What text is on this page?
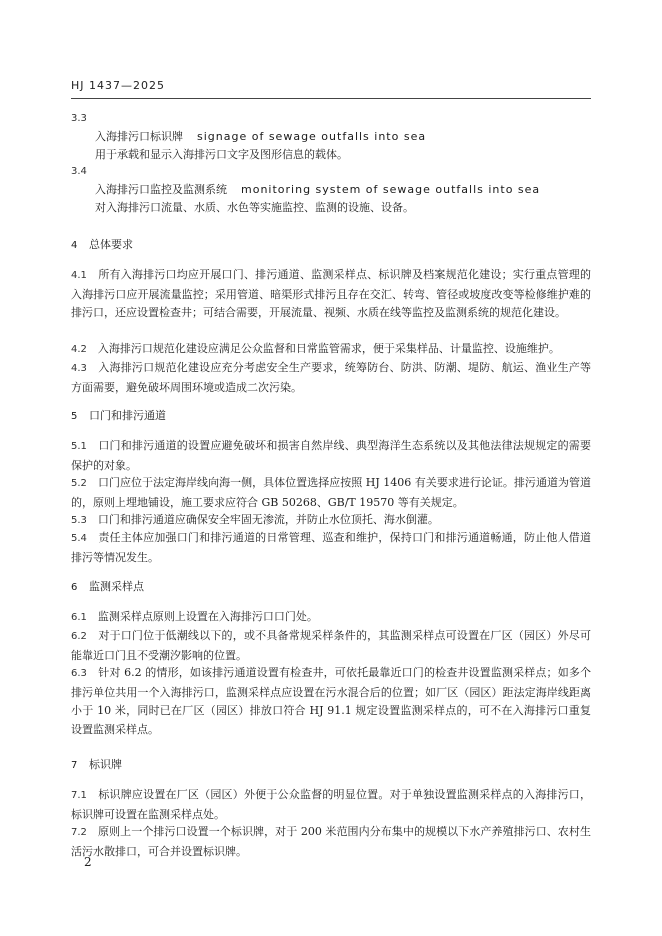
HJ 1437—2025
3.3
入海排污口标识牌 signage of sewage outfalls into sea
用于承载和显示入海排污口文字及图形信息的载体。
3.4
入海排污口监控及监测系统 monitoring system of sewage outfalls into sea
对入海排污口流量、水质、水色等实施监控、监测的设施、设备。
4 总体要求
4.1　 所有入海排污口均应开展口门、排污通道、监测采样点、标识牌及档案规范化建设；实行重点管理的入海排污口应开展流量监控；采用管道、暗渠形式排污且存在交汇、转弯、管径或坡度改变等检修维护难的排污口，还应设置检查井；可结合需要，开展流量、视频、水质在线等监控及监测系统的规范化建设。
4.2　 入海排污口规范化建设应满足公众监督和日常监管需求，便于采集样品、计量监控、设施维护。
4.3　 入海排污口规范化建设应充分考虑安全生产要求，统筹防台、防洪、防潮、堤防、航运、渔业生产等方面需要，避免破坏周围环境或造成二次污染。
5 口门和排污通道
5.1　 口门和排污通道的设置应避免破坏和损害自然岸线、典型海洋生态系统以及其他法律法规规定的需要保护的对象。
5.2　 口门应位于法定海岸线向海一侧，具体位置选择应按照 HJ 1406 有关要求进行论证。排污通道为管道的，原则上埋地铺设，施工要求应符合 GB 50268、GB/T 19570 等有关规定。
5.3　 口门和排污通道应确保安全牢固无渗流，并防止水位顶托、海水倒灌。
5.4　 责任主体应加强口门和排污通道的日常管理、巡查和维护，保持口门和排污通道畅通，防止他人借道排污等情况发生。
6 监测采样点
6.1　 监测采样点原则上设置在入海排污口口门处。
6.2　 对于口门位于低潮线以下的，或不具备常规采样条件的，其监测采样点可设置在厂区（园区）外尽可能靠近口门且不受潮汐影响的位置。
6.3　 针对 6.2 的情形，如该排污通道设置有检查井，可依托最靠近口门的检查井设置监测采样点；如多个排污单位共用一个入海排污口，监测采样点应设置在污水混合后的位置；如厂区（园区）距法定海岸线距离小于 10 米，同时已在厂区（园区）排放口符合 HJ 91.1 规定设置监测采样点的，可不在入海排污口重复设置监测采样点。
7 标识牌
7.1　 标识牌应设置在厂区（园区）外便于公众监督的明显位置。对于单独设置监测采样点的入海排污口，标识牌可设置在监测采样点处。
7.2　 原则上一个排污口设置一个标识牌，对于 200 米范围内分布集中的规模以下水产养殖排污口、农村生活污水散排口，可合并设置标识牌。
2
